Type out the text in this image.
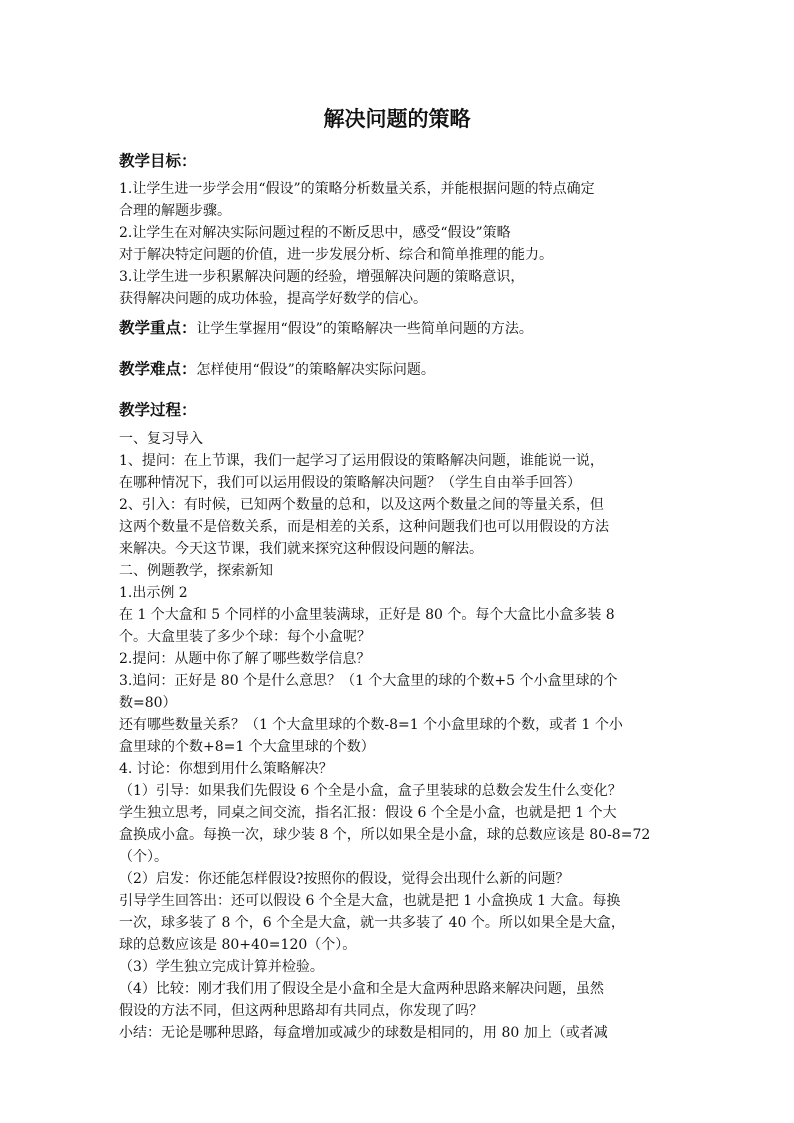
解决问题的策略
教学目标：
1.让学生进一步学会用“假设”的策略分析数量关系，并能根据问题的特点确定
合理的解题步骤。
2.让学生在对解决实际问题过程的不断反思中，感受“假设”策略
对于解决特定问题的价值，进一步发展分析、综合和简单推理的能力。
3.让学生进一步积累解决问题的经验，增强解决问题的策略意识，
获得解决问题的成功体验，提高学好数学的信心。
教学重点：让学生掌握用“假设”的策略解决一些简单问题的方法。
教学难点：怎样使用“假设”的策略解决实际问题。
教学过程：
一、复习导入
1、提问：在上节课，我们一起学习了运用假设的策略解决问题，谁能说一说，
在哪种情况下，我们可以运用假设的策略解决问题？（学生自由举手回答）
2、引入：有时候，已知两个数量的总和，以及这两个数量之间的等量关系，但
这两个数量不是倍数关系，而是相差的关系，这种问题我们也可以用假设的方法
来解决。今天这节课，我们就来探究这种假设问题的解法。
二、例题教学，探索新知
1.出示例 2
在 1 个大盒和 5 个同样的小盒里装满球，正好是 80 个。每个大盒比小盒多装 8
个。大盒里装了多少个球：每个小盒呢？
2.提问：从题中你了解了哪些数学信息？
3.追问：正好是 80 个是什么意思？（1 个大盒里的球的个数+5 个小盒里球的个
数=80）
还有哪些数量关系？（1 个大盒里球的个数-8=1 个小盒里球的个数，或者 1 个小
盒里球的个数+8=1 个大盒里球的个数）
4. 讨论：你想到用什么策略解决？
（1）引导：如果我们先假设 6 个全是小盒，盒子里装球的总数会发生什么变化？
学生独立思考，同桌之间交流，指名汇报：假设 6 个全是小盒，也就是把 1 个大
盒换成小盒。每换一次，球少装 8 个，所以如果全是小盒，球的总数应该是 80-8=72
（个）。
（2）启发：你还能怎样假设?按照你的假设，觉得会出现什么新的问题？
引导学生回答出：还可以假设 6 个全是大盒，也就是把 1 小盒换成 1 大盒。每换
一次，球多装了 8 个，6 个全是大盒，就一共多装了 40 个。所以如果全是大盒，
球的总数应该是 80+40=120（个）。
（3）学生独立完成计算并检验。
（4）比较：刚才我们用了假设全是小盒和全是大盒两种思路来解决问题，虽然
假设的方法不同，但这两种思路却有共同点，你发现了吗？
小结：无论是哪种思路，每盒增加或减少的球数是相同的，用 80 加上（或者减
